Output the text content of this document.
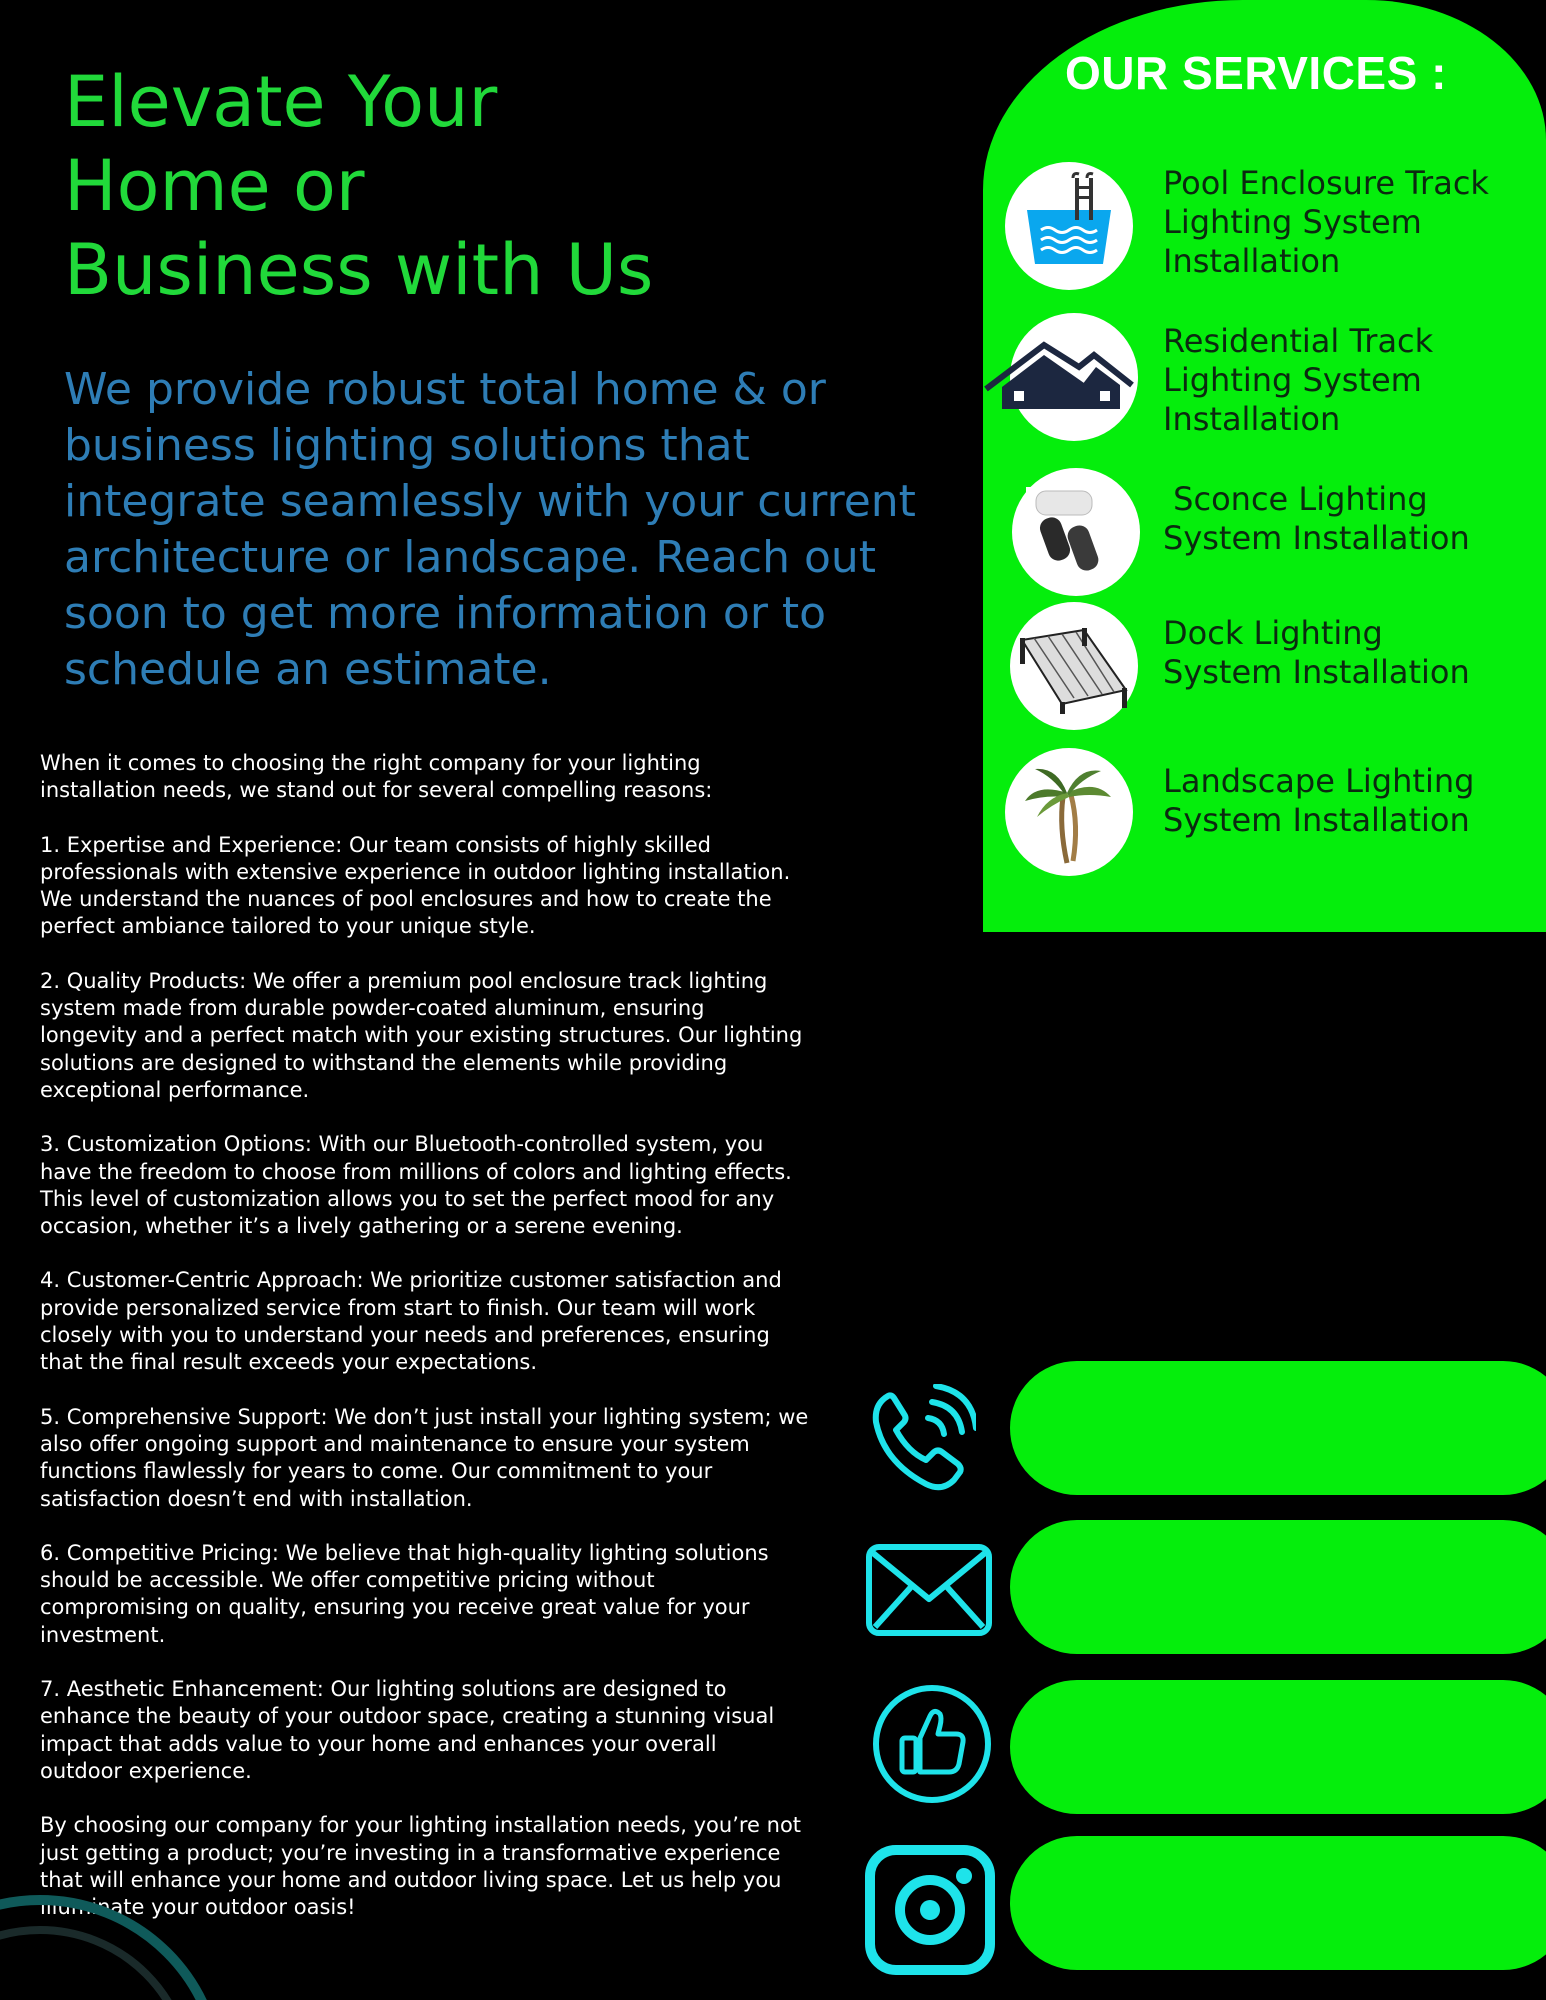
Elevate Your
Home or
Business with Us

We provide robust total home & or
business lighting solutions that
integrate seamlessly with your current
architecture or landscape. Reach out
soon to get more information or to
schedule an estimate.

When it comes to choosing the right company for your lighting
installation needs, we stand out for several compelling reasons:

1. Expertise and Experience: Our team consists of highly skilled
professionals with extensive experience in outdoor lighting installation.
We understand the nuances of pool enclosures and how to create the
perfect ambiance tailored to your unique style.

2. Quality Products: We offer a premium pool enclosure track lighting
system made from durable powder-coated aluminum, ensuring
longevity and a perfect match with your existing structures. Our lighting
solutions are designed to withstand the elements while providing
exceptional performance.

3. Customization Options: With our Bluetooth-controlled system, you
have the freedom to choose from millions of colors and lighting effects.
This level of customization allows you to set the perfect mood for any
occasion, whether it’s a lively gathering or a serene evening.

4. Customer-Centric Approach: We prioritize customer satisfaction and
provide personalized service from start to finish. Our team will work
closely with you to understand your needs and preferences, ensuring
that the final result exceeds your expectations.

5. Comprehensive Support: We don’t just install your lighting system; we
also offer ongoing support and maintenance to ensure your system
functions flawlessly for years to come. Our commitment to your
satisfaction doesn’t end with installation.

6. Competitive Pricing: We believe that high-quality lighting solutions
should be accessible. We offer competitive pricing without
compromising on quality, ensuring you receive great value for your
investment.

7. Aesthetic Enhancement: Our lighting solutions are designed to
enhance the beauty of your outdoor space, creating a stunning visual
impact that adds value to your home and enhances your overall
outdoor experience.

By choosing our company for your lighting installation needs, you’re not
just getting a product; you’re investing in a transformative experience
that will enhance your home and outdoor living space. Let us help you
illuminate your outdoor oasis!

OUR SERVICES :
Pool Enclosure Track
Lighting System
Installation
Residential Track
Lighting System
Installation
Sconce Lighting
System Installation
Dock Lighting
System Installation
Landscape Lighting
System Installation
